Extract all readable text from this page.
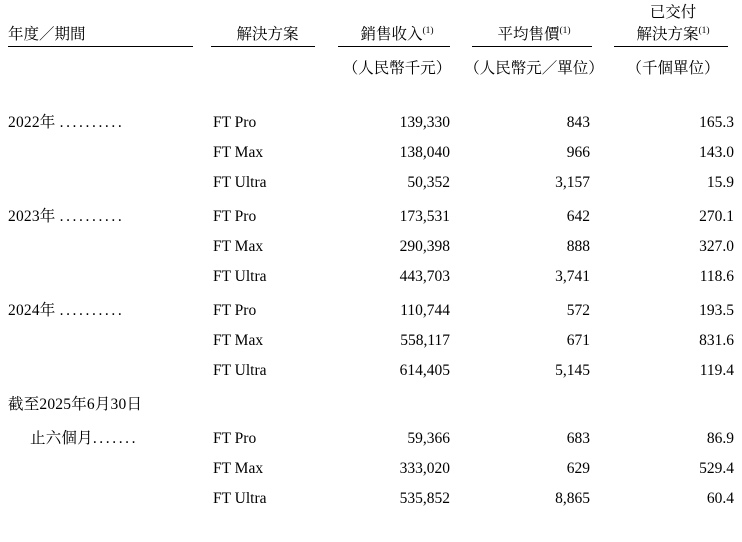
年度／期間	解決方案	銷售收入$^{(1)}$	平均售價$^{(1)}$	已交付
解決方案$^{(1)}$

		（人民幣千元）	（人民幣元／單位）	（千個單位）

2022年 ..........	FT Pro	139,330	843	165.3
	FT Max	138,040	966	143.0
	FT Ultra	50,352	3,157	15.9
2023年 ..........	FT Pro	173,531	642	270.1
	FT Max	290,398	888	327.0
	FT Ultra	443,703	3,741	118.6
2024年 ..........	FT Pro	110,744	572	193.5
	FT Max	558,117	671	831.6
	FT Ultra	614,405	5,145	119.4
截至2025年6月30日				
止六個月.......	FT Pro	59,366	683	86.9
	FT Max	333,020	629	529.4
	FT Ultra	535,852	8,865	60.4
